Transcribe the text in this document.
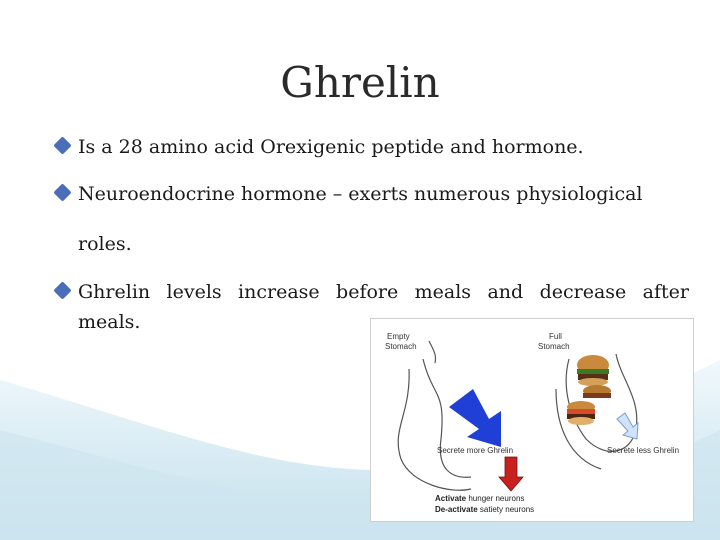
Ghrelin
Is a 28 amino acid Orexigenic peptide and hormone.
Neuroendocrine hormone – exerts numerous physiological
roles.
Ghrelin levels increase before meals and decrease after
meals.
Empty Stomach
Full Stomach
Secrete more Ghrelin	Secrete less Ghrelin
Activate hunger neurons
De-activate satiety neurons
